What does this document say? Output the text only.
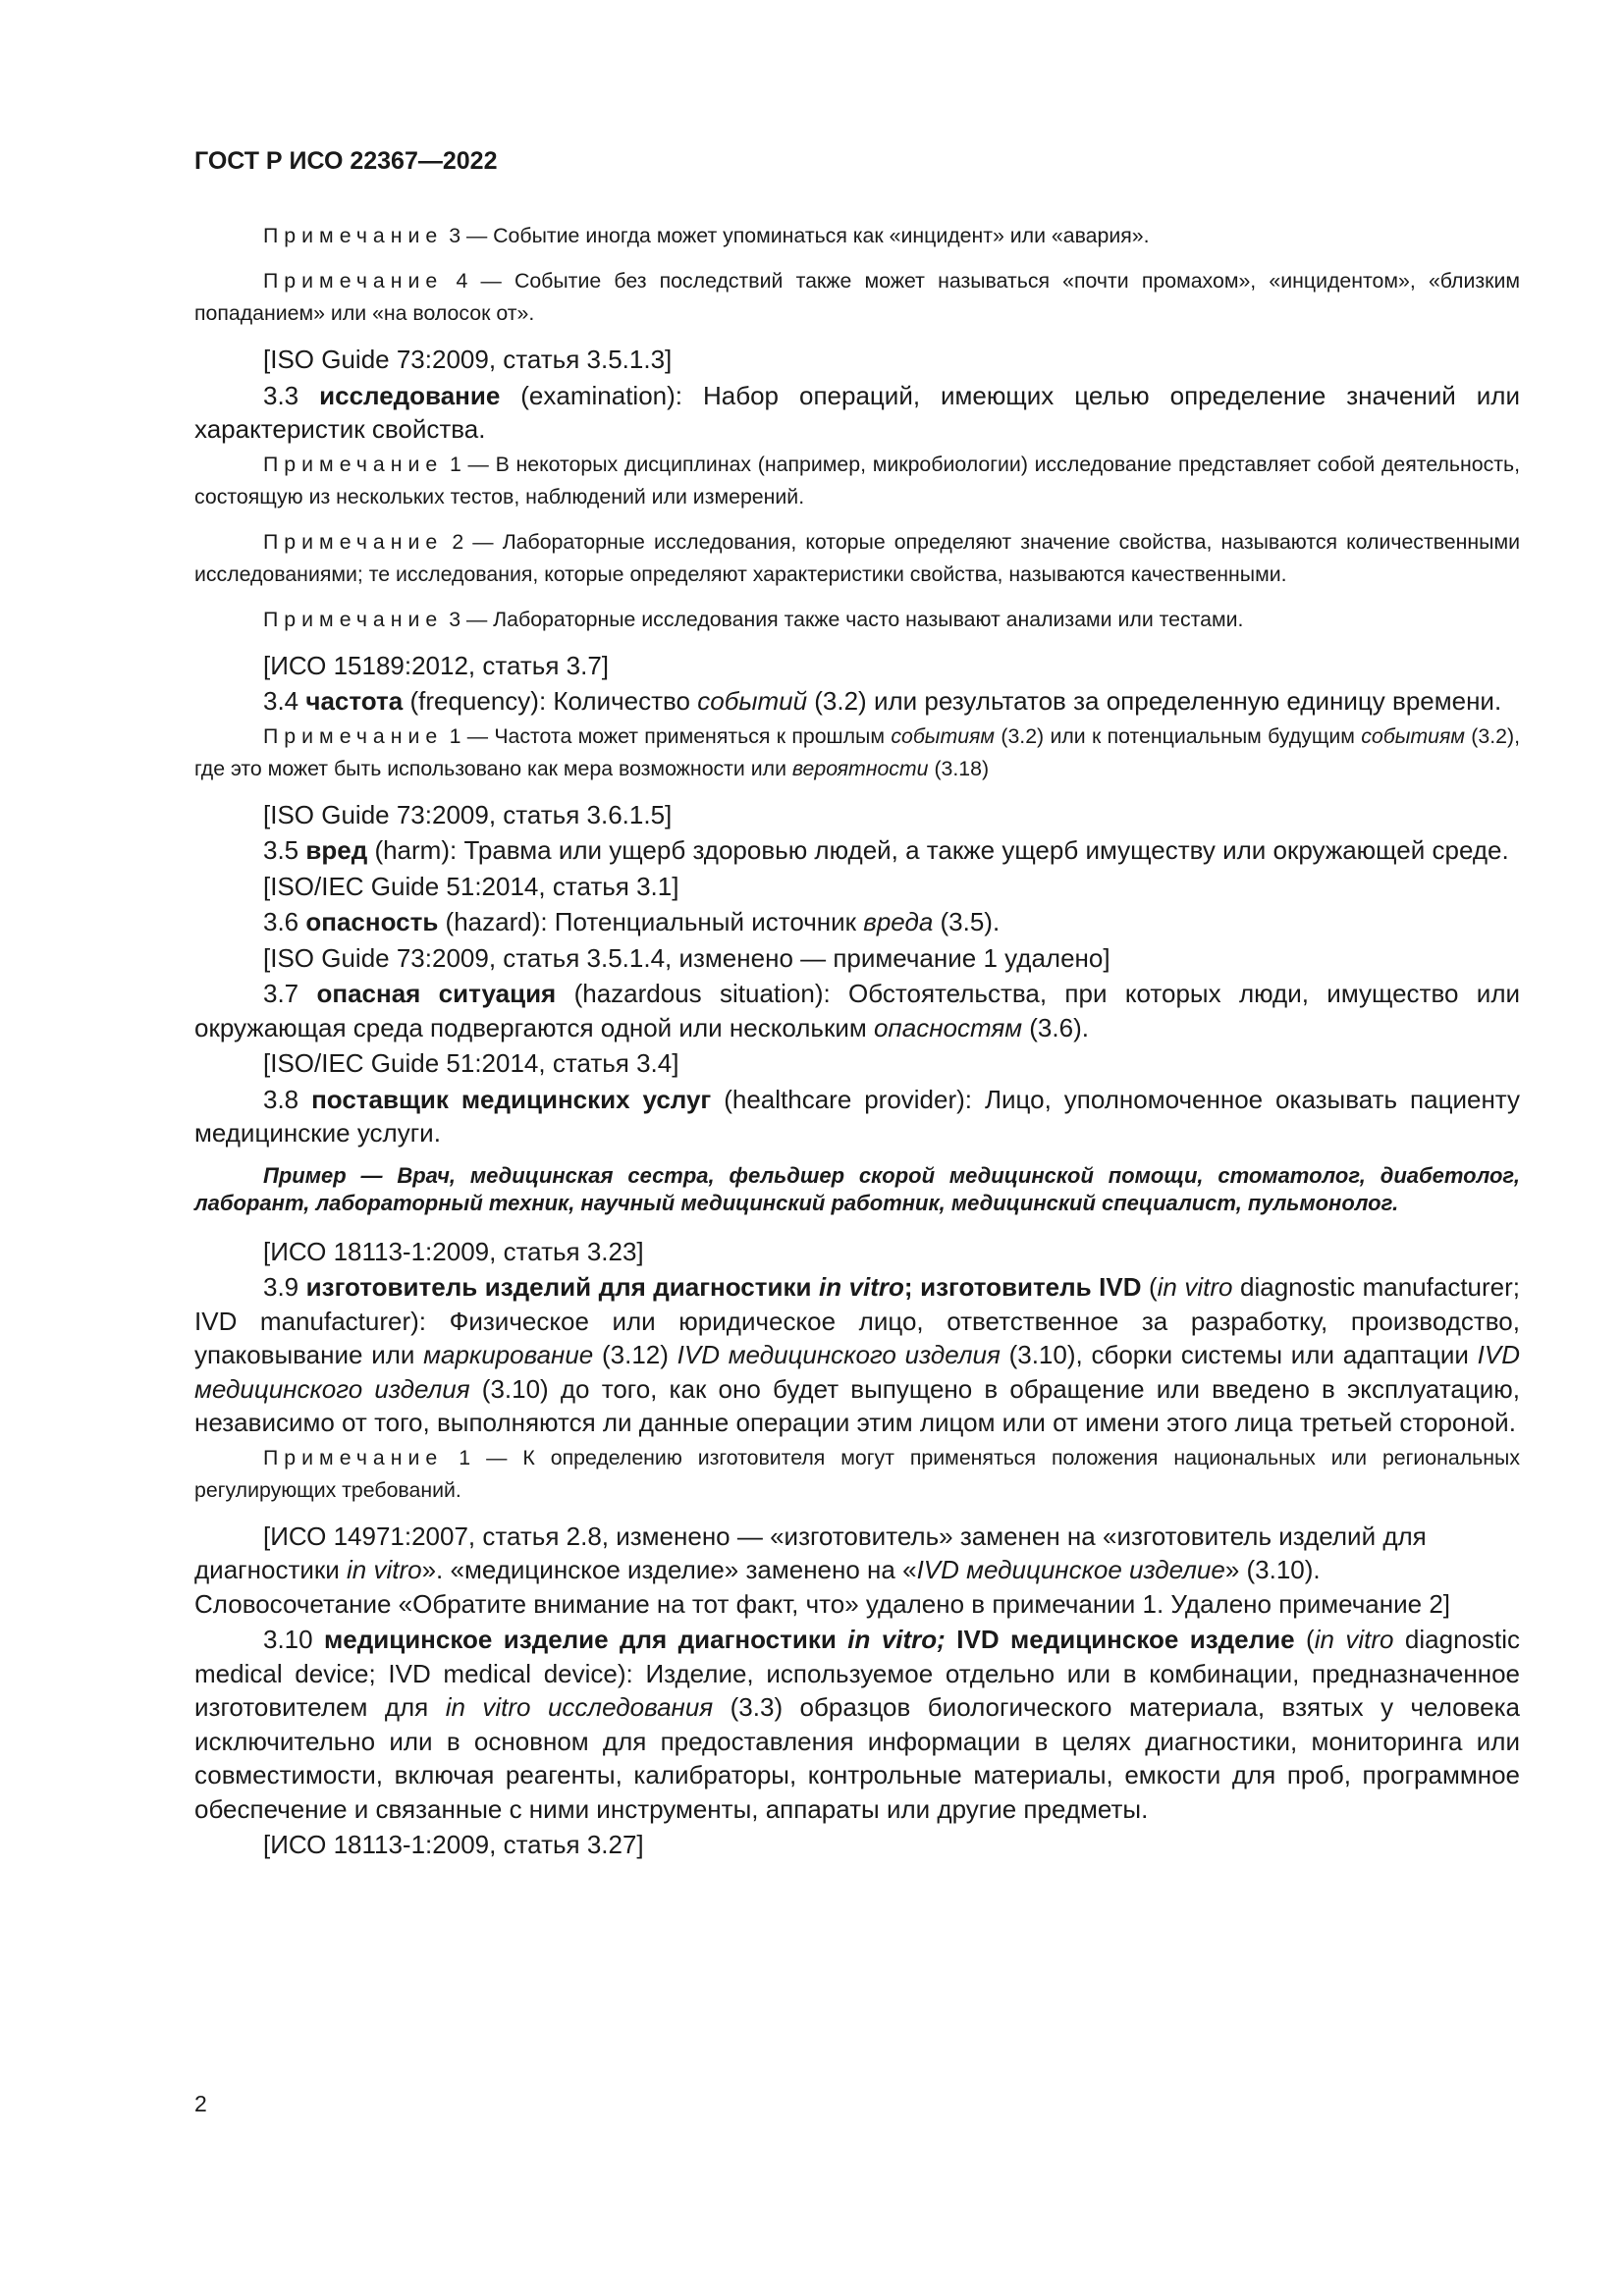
ГОСТ Р ИСО 22367—2022

Примечание 3 — Событие иногда может упоминаться как «инцидент» или «авария».

Примечание 4 — Событие без последствий также может называться «почти промахом», «инцидентом», «близким попаданием» или «на волосок от».

[ISO Guide 73:2009, статья 3.5.1.3]

3.3 исследование (examination): Набор операций, имеющих целью определение значений или характеристик свойства.

Примечание 1 — В некоторых дисциплинах (например, микробиологии) исследование представляет собой деятельность, состоящую из нескольких тестов, наблюдений или измерений.

Примечание 2 — Лабораторные исследования, которые определяют значение свойства, называются количественными исследованиями; те исследования, которые определяют характеристики свойства, называются качественными.

Примечание 3 — Лабораторные исследования также часто называют анализами или тестами.

[ИСО 15189:2012, статья 3.7]

3.4 частота (frequency): Количество событий (3.2) или результатов за определенную единицу времени.

Примечание 1 — Частота может применяться к прошлым событиям (3.2) или к потенциальным будущим событиям (3.2), где это может быть использовано как мера возможности или вероятности (3.18)

[ISO Guide 73:2009, статья 3.6.1.5]

3.5 вред (harm): Травма или ущерб здоровью людей, а также ущерб имуществу или окружающей среде.

[ISO/IEC Guide 51:2014, статья 3.1]

3.6 опасность (hazard): Потенциальный источник вреда (3.5).

[ISO Guide 73:2009, статья 3.5.1.4, изменено — примечание 1 удалено]

3.7 опасная ситуация (hazardous situation): Обстоятельства, при которых люди, имущество или окружающая среда подвергаются одной или нескольким опасностям (3.6).

[ISO/IEC Guide 51:2014, статья 3.4]

3.8 поставщик медицинских услуг (healthcare provider): Лицо, уполномоченное оказывать пациенту медицинские услуги.

Пример — Врач, медицинская сестра, фельдшер скорой медицинской помощи, стоматолог, диабетолог, лаборант, лабораторный техник, научный медицинский работник, медицинский специалист, пульмонолог.

[ИСО 18113-1:2009, статья 3.23]

3.9 изготовитель изделий для диагностики in vitro; изготовитель IVD (in vitro diagnostic manufacturer; IVD manufacturer): Физическое или юридическое лицо, ответственное за разработку, производство, упаковывание или маркирование (3.12) IVD медицинского изделия (3.10), сборки системы или адаптации IVD медицинского изделия (3.10) до того, как оно будет выпущено в обращение или введено в эксплуатацию, независимо от того, выполняются ли данные операции этим лицом или от имени этого лица третьей стороной.

Примечание 1 — К определению изготовителя могут применяться положения национальных или региональных регулирующих требований.

[ИСО 14971:2007, статья 2.8, изменено — «изготовитель» заменен на «изготовитель изделий для диагностики in vitro». «медицинское изделие» заменено на «IVD медицинское изделие» (3.10). Словосочетание «Обратите внимание на тот факт, что» удалено в примечании 1. Удалено примечание 2]

3.10 медицинское изделие для диагностики in vitro; IVD медицинское изделие (in vitro diagnostic medical device; IVD medical device): Изделие, используемое отдельно или в комбинации, предназначенное изготовителем для in vitro исследования (3.3) образцов биологического материала, взятых у человека исключительно или в основном для предоставления информации в целях диагностики, мониторинга или совместимости, включая реагенты, калибраторы, контрольные материалы, емкости для проб, программное обеспечение и связанные с ними инструменты, аппараты или другие предметы.

[ИСО 18113-1:2009, статья 3.27]

2
